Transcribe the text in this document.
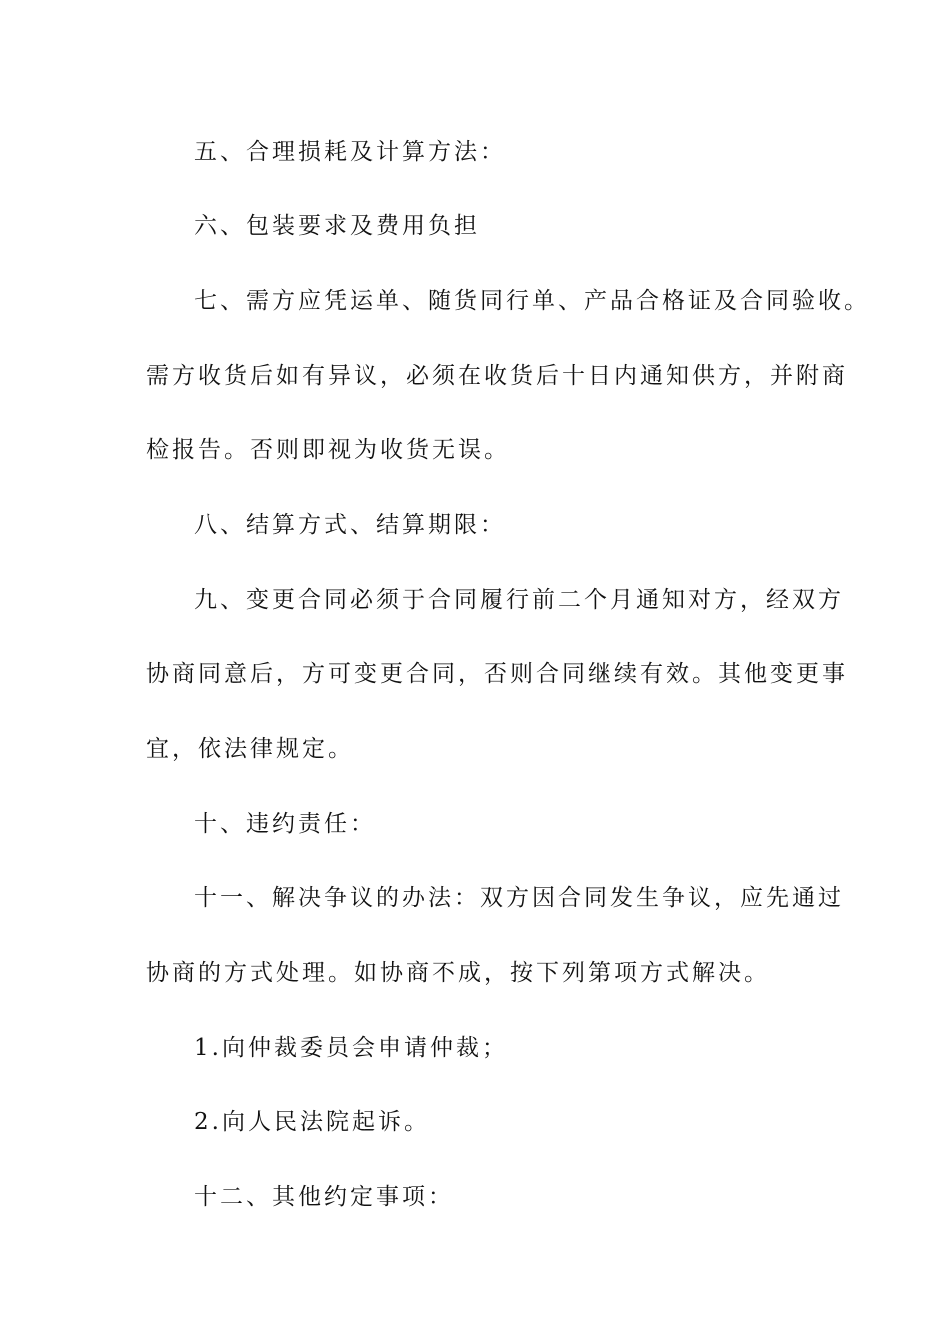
五、合理损耗及计算方法：
六、包装要求及费用负担
七、需方应凭运单、随货同行单、产品合格证及合同验收。
需方收货后如有异议，必须在收货后十日内通知供方，并附商
检报告。否则即视为收货无误。
八、结算方式、结算期限：
九、变更合同必须于合同履行前二个月通知对方，经双方
协商同意后，方可变更合同，否则合同继续有效。其他变更事
宜，依法律规定。
十、违约责任：
十一、解决争议的办法：双方因合同发生争议，应先通过
协商的方式处理。如协商不成，按下列第项方式解决。
1.向仲裁委员会申请仲裁；
2.向人民法院起诉。
十二、其他约定事项：
